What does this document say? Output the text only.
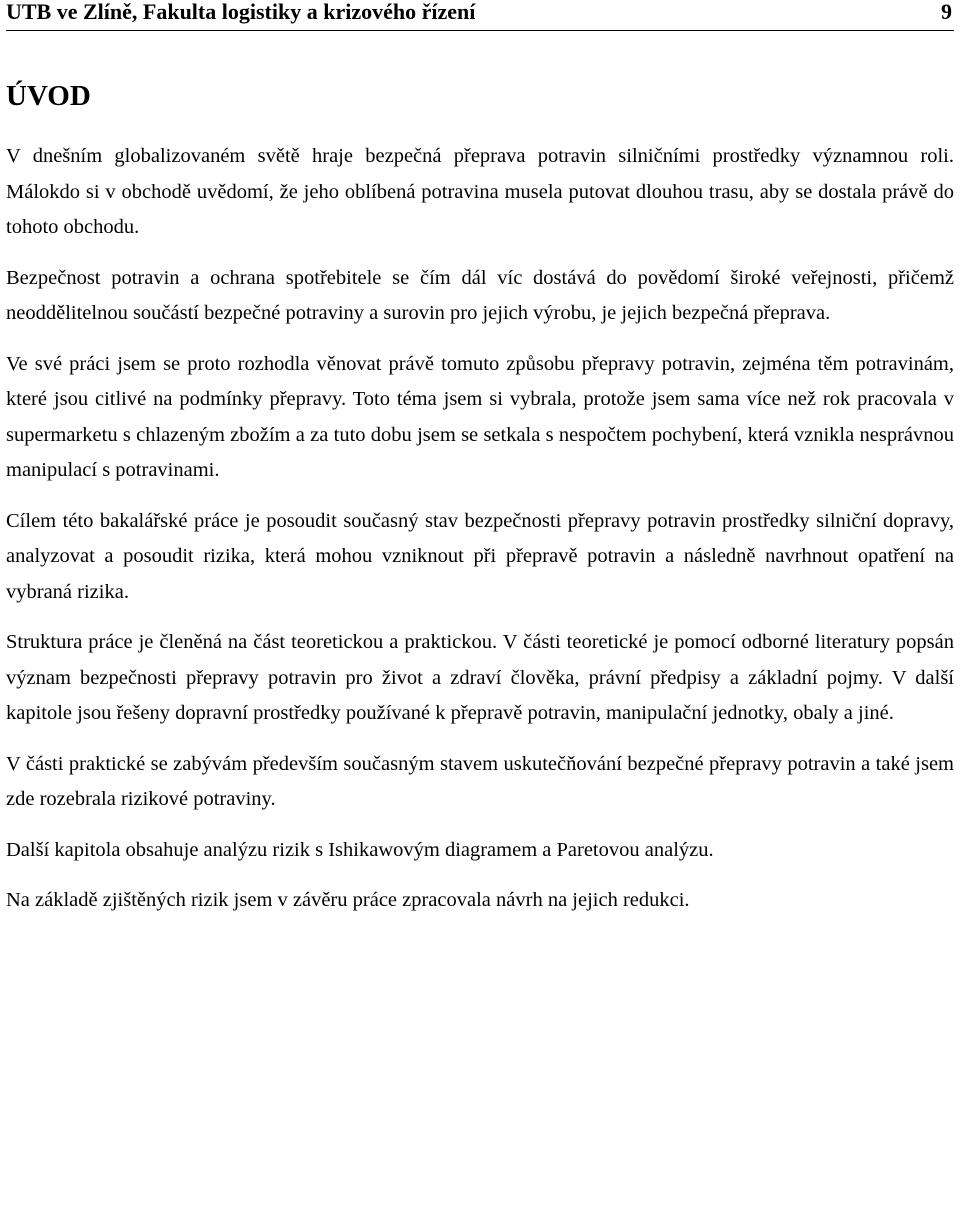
UTB ve Zlíně, Fakulta logistiky a krizového řízení	9
ÚVOD

V dnešním globalizovaném světě hraje bezpečná přeprava potravin silničními prostředky významnou roli. Málokdo si v obchodě uvědomí, že jeho oblíbená potravina musela putovat dlouhou trasu, aby se dostala právě do tohoto obchodu.

Bezpečnost potravin a ochrana spotřebitele se čím dál víc dostává do povědomí široké veřejnosti, přičemž neoddělitelnou součástí bezpečné potraviny a surovin pro jejich výrobu, je jejich bezpečná přeprava.

Ve své práci jsem se proto rozhodla věnovat právě tomuto způsobu přepravy potravin, zejména těm potravinám, které jsou citlivé na podmínky přepravy. Toto téma jsem si vybrala, protože jsem sama více než rok pracovala v supermarketu s chlazeným zbožím a za tuto dobu jsem se setkala s nespočtem pochybení, která vznikla nesprávnou manipulací s potravinami.

Cílem této bakalářské práce je posoudit současný stav bezpečnosti přepravy potravin prostředky silniční dopravy, analyzovat a posoudit rizika, která mohou vzniknout při přepravě potravin a následně navrhnout opatření na vybraná rizika.

Struktura práce je členěná na část teoretickou a praktickou. V části teoretické je pomocí odborné literatury popsán význam bezpečnosti přepravy potravin pro život a zdraví člověka, právní předpisy a základní pojmy. V další kapitole jsou řešeny dopravní prostředky používané k přepravě potravin, manipulační jednotky, obaly a jiné.

V části praktické se zabývám především současným stavem uskutečňování bezpečné přepravy potravin a také jsem zde rozebrala rizikové potraviny.

Další kapitola obsahuje analýzu rizik s Ishikawovým diagramem a Paretovou analýzu.

Na základě zjištěných rizik jsem v závěru práce zpracovala návrh na jejich redukci.
